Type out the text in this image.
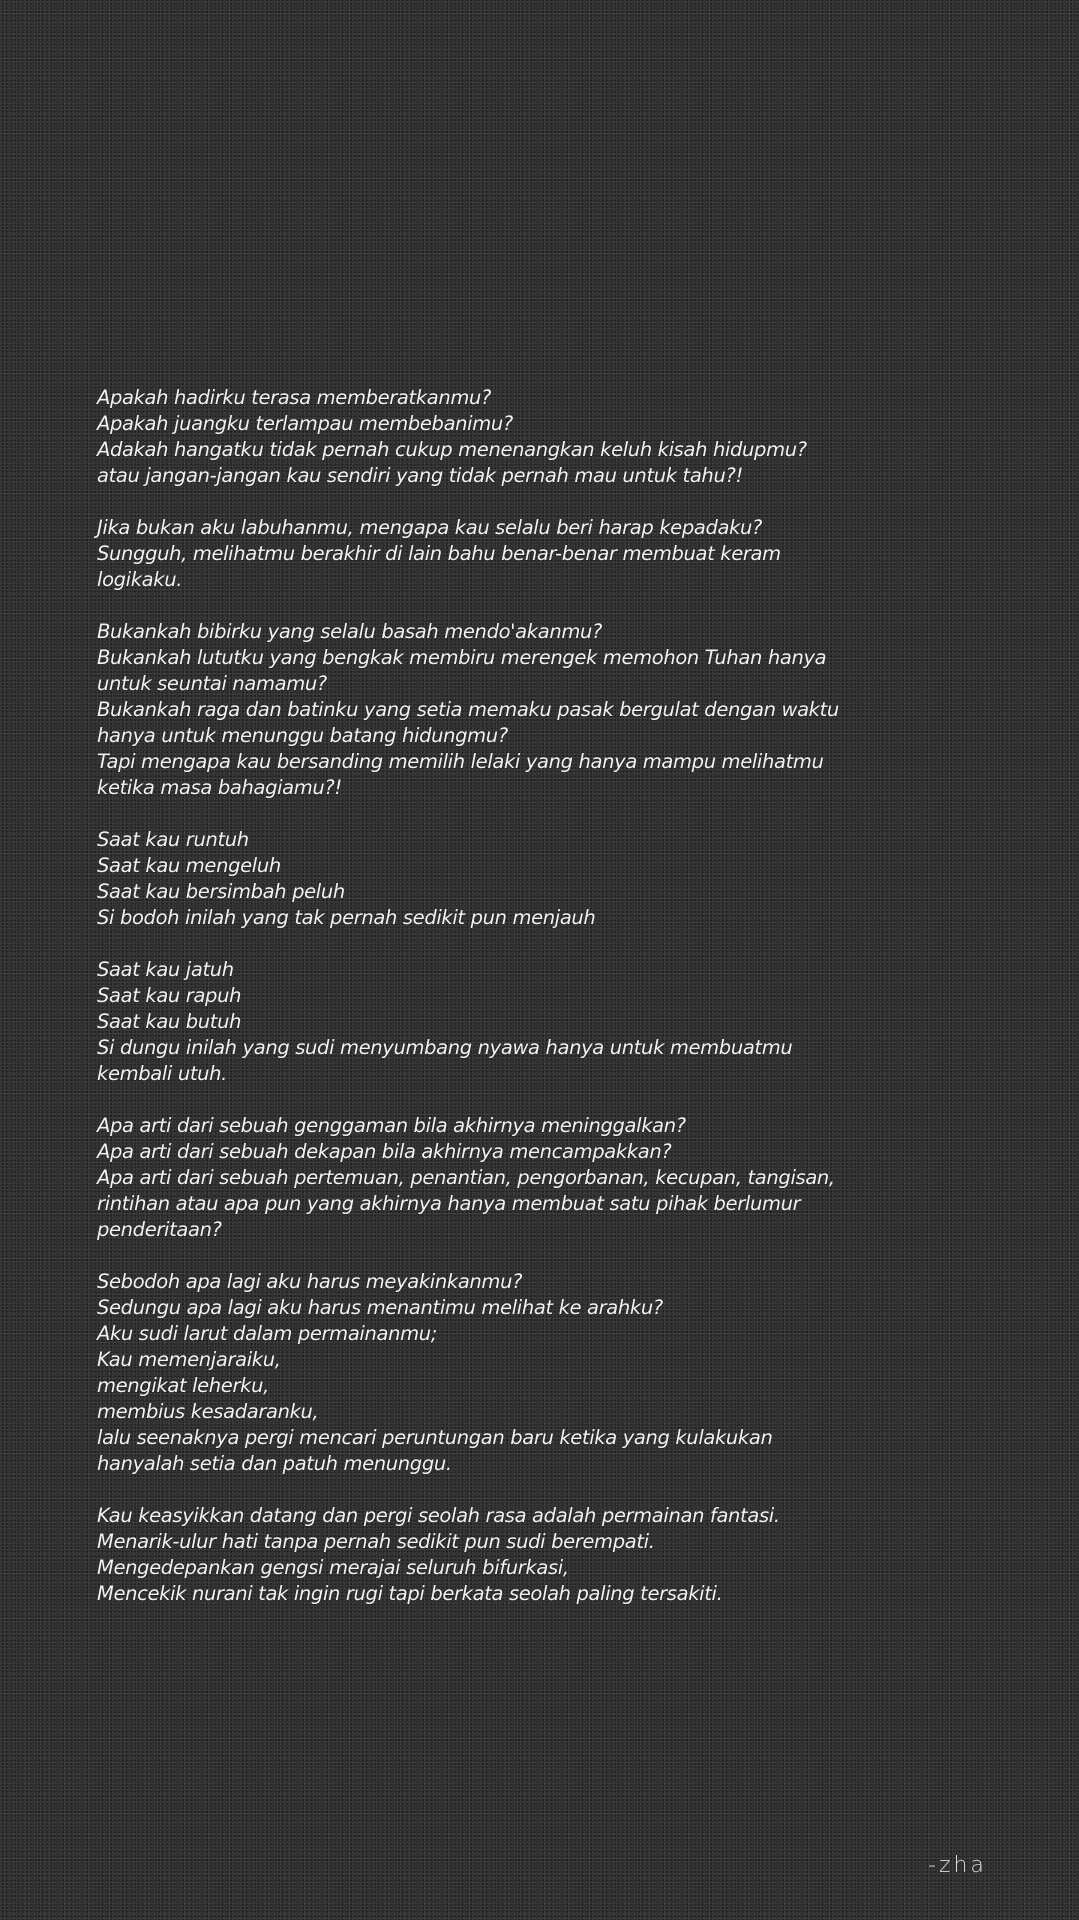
Apakah hadirku terasa memberatkanmu?
Apakah juangku terlampau membebanimu?
Adakah hangatku tidak pernah cukup menenangkan keluh kisah hidupmu?
atau jangan-jangan kau sendiri yang tidak pernah mau untuk tahu?!
Jika bukan aku labuhanmu, mengapa kau selalu beri harap kepadaku?
Sungguh, melihatmu berakhir di lain bahu benar-benar membuat keram logikaku.
Bukankah bibirku yang selalu basah mendo'akanmu?
Bukankah lututku yang bengkak membiru merengek memohon Tuhan hanya untuk seuntai namamu?
Bukankah raga dan batinku yang setia memaku pasak bergulat dengan waktu hanya untuk menunggu batang hidungmu?
Tapi mengapa kau bersanding memilih lelaki yang hanya mampu melihatmu ketika masa bahagiamu?!
Saat kau runtuh
Saat kau mengeluh
Saat kau bersimbah peluh
Si bodoh inilah yang tak pernah sedikit pun menjauh
Saat kau jatuh
Saat kau rapuh
Saat kau butuh
Si dungu inilah yang sudi menyumbang nyawa hanya untuk membuatmu kembali utuh.
Apa arti dari sebuah genggaman bila akhirnya meninggalkan?
Apa arti dari sebuah dekapan bila akhirnya mencampakkan?
Apa arti dari sebuah pertemuan, penantian, pengorbanan, kecupan, tangisan, rintihan atau apa pun yang akhirnya hanya membuat satu pihak berlumur penderitaan?
Sebodoh apa lagi aku harus meyakinkanmu?
Sedungu apa lagi aku harus menantimu melihat ke arahku?
Aku sudi larut dalam permainanmu;
Kau memenjaraiku,
mengikat leherku,
membius kesadaranku,
lalu seenaknya pergi mencari peruntungan baru ketika yang kulakukan hanyalah setia dan patuh menunggu.
Kau keasyikkan datang dan pergi seolah rasa adalah permainan fantasi.
Menarik-ulur hati tanpa pernah sedikit pun sudi berempati.
Mengedepankan gengsi merajai seluruh bifurkasi,
Mencekik nurani tak ingin rugi tapi berkata seolah paling tersakiti.
-zha
